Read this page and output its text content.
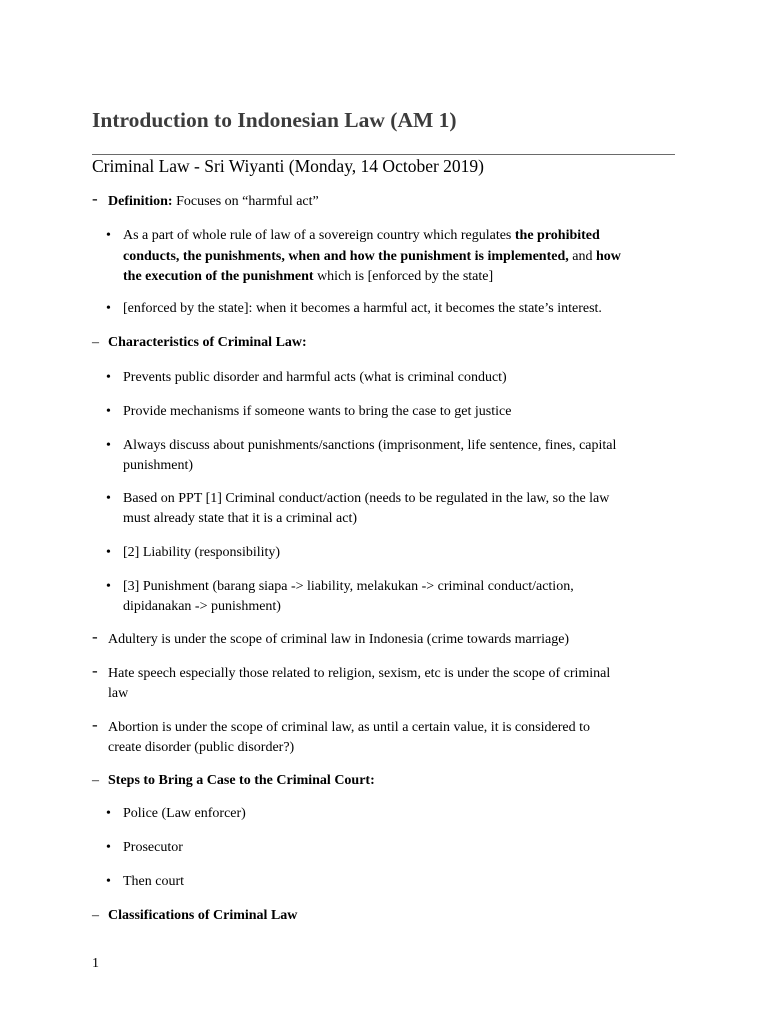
Introduction to Indonesian Law (AM 1)
Criminal Law - Sri Wiyanti (Monday, 14 October 2019)
- Definition: Focuses on “harmful act”
• As a part of whole rule of law of a sovereign country which regulates the prohibited
conducts, the punishments, when and how the punishment is implemented, and how
the execution of the punishment which is [enforced by the state]
• [enforced by the state]: when it becomes a harmful act, it becomes the state’s interest.
– Characteristics of Criminal Law:
• Prevents public disorder and harmful acts (what is criminal conduct)
• Provide mechanisms if someone wants to bring the case to get justice
• Always discuss about punishments/sanctions (imprisonment, life sentence, fines, capital
punishment)
• Based on PPT [1] Criminal conduct/action (needs to be regulated in the law, so the law
must already state that it is a criminal act)
• [2] Liability (responsibility)
• [3] Punishment (barang siapa -> liability, melakukan -> criminal conduct/action,
dipidanakan -> punishment)
- Adultery is under the scope of criminal law in Indonesia (crime towards marriage)
- Hate speech especially those related to religion, sexism, etc is under the scope of criminal
law
- Abortion is under the scope of criminal law, as until a certain value, it is considered to
create disorder (public disorder?)
– Steps to Bring a Case to the Criminal Court:
• Police (Law enforcer)
• Prosecutor
• Then court
– Classifications of Criminal Law
1
